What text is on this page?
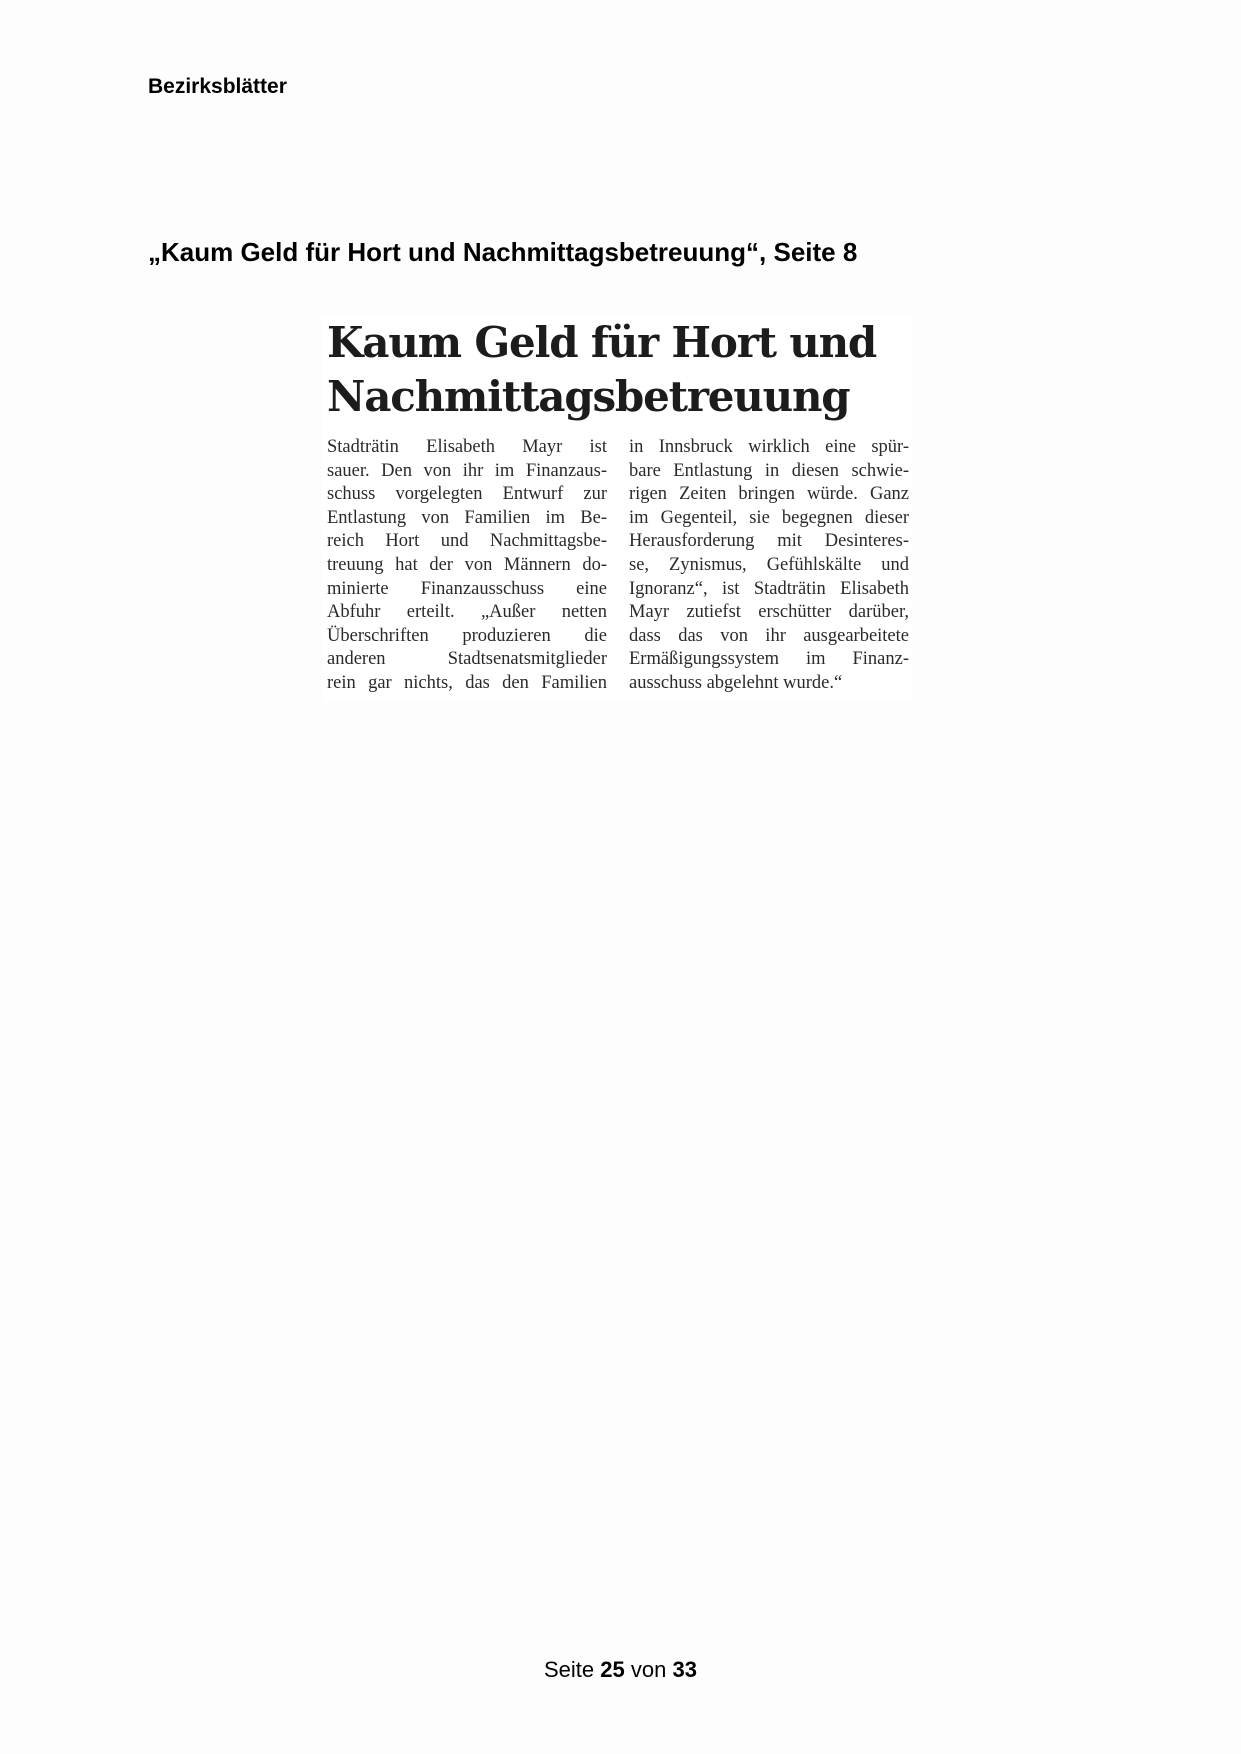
Bezirksblätter
„Kaum Geld für Hort und Nachmittagsbetreuung“, Seite 8
Kaum Geld für Hort und
Nachmittagsbetreuung

Stadträtin Elisabeth Mayr ist
sauer. Den von ihr im Finanzaus-
schuss vorgelegten Entwurf zur
Entlastung von Familien im Be-
reich Hort und Nachmittagsbe-
treuung hat der von Männern do-
minierte Finanzausschuss eine
Abfuhr erteilt. „Außer netten
Überschriften produzieren die
anderen Stadtsenatsmitglieder
rein gar nichts, das den Familien

in Innsbruck wirklich eine spür-
bare Entlastung in diesen schwie-
rigen Zeiten bringen würde. Ganz
im Gegenteil, sie begegnen dieser
Herausforderung mit Desinteres-
se, Zynismus, Gefühlskälte und
Ignoranz“, ist Stadträtin Elisabeth
Mayr zutiefst erschütter darüber,
dass das von ihr ausgearbeitete
Ermäßigungssystem im Finanz-
ausschuss abgelehnt wurde.“

Seite 25 von 33
